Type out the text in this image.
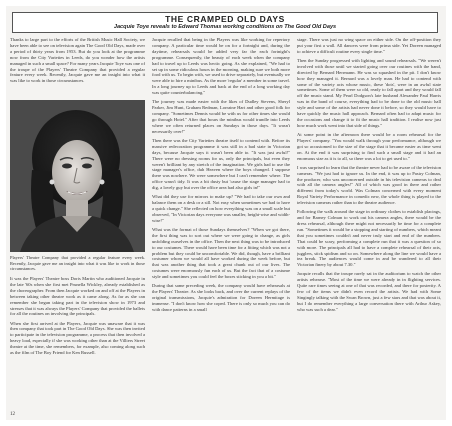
THE CRAMPED OLD DAYS
Jacquie Toye reveals to Edward Thomas working conditions on The Good Old Days

Thanks to large part to the efforts of the British Music Hall Society, we have been able to see on television again The Good Old Days, made over a period of thirty years from 1953. But do you look at the programme now from the City Varieties in Leeds, do you wonder how the artists managed in such a small space? For many years Jacquie Toye was one of the troupe of the Players' Theatre Company that provided a regular feature every week. Recently, Jacquie gave me an insight into what it was like to work in those circumstances.

Players' Theatre Company that provided a regular feature every week. Recently, Jacquie gave me an insight into what it was like to work in those circumstances.

It was the Players' Theatre boss Doris Martin who auditioned Jacquie in the late '60s when she first met Prunella Wickley, already established as the choreographer. From then Jacquie worked on and off at the Players in between taking other theatre work as it came along. As far as she can remember she began taking part in the television show in 1973 and stresses that it was always the Players' Company that provided the ballets for all the routines on involving the principals.

When she first arrived at the Players, Jacquie was unaware that it was then company that took part in The Good Old Days. She was then invited to participate in the television programme, a process that then involved a heavy load, especially if she was working other than at the Villiers Street theatre at the time, she remembers, for example, also coming along such as the film of The Boy Friend for Ken Russell.

Jacquie recalled that being in the Players was like working for repertory company. A particular time would be on for a fortnight and, during the daytime, rehearsals would be added very far the each fortnight's programme. Consequently, the beauty of each week when the company had to travel up to Leeds was hectic going. As she explained, "We had to set up in some ridiculous hours in the morning, making sure we both more food with us. To begin with, we used to drive separately, but eventually we were able to hire a minibus. As the more 'regular' a member in some travel. In a long journey up to Leeds and back at the end of a long working day was quite counterbalancing."

The journey was made easier with the likes of Dudley Stevens, Sheryl Parker, Jim Hunt, Graham Redman, Lorraine Hart and other good folk for company. "Sometimes Dennis would be with us for other times she would go through Hotel." After that hours the minibus would trundle into Leeds where we often returned places on Sundays in those days. "It wasn't necessarily over!"

Then there was the City Varieties theatre itself to contend with. Before its massive redecoration programme it was still in a bad state in Victorian days, because Jacquie says it wasn't been able to. "It was just awful!" There were no dressing rooms for us, only the principals, but even they weren't brilliant by any stretch of the imagination. We girls had to use the stage manager's office, duh Heaven where the boys changed. I suppose there was nowhere. We were somewhere but I can't remember where. The office wasn't tidy. It was a bit dusty but 'cause the stage manager had to dig, a lovely guy but over the office area had also girls in!"

What did they use for mirrors to make up? "We had to take our own and balance them on a desk or a sill. Not easy when sometimes we had to have a quick change." She reflected on how everything was on a small scale but observed, "In Victorian days everyone was smaller, height-wise and width-wise!"

What was the format of those Sundays themselves? "When we got there, the first thing was to sort out where we were going to change, as girls unfolding ourselves in the office. Then the next thing was to be introduced to our costumes. There would have been time for a fitting which was not a problem but they could be uncomfortable. We did, though, have a brilliant costumer whom we would all have worked during the week before, but that was another thing that took a great chunk out of our lives. The costumes were enormously fun each of us. But the fact that of a costume style and sometimes you could feel the boxes sticking in you a bit."

During that same preceding week, the company would have rehearsals at the Players' Theatre. As she looks back, and over the current replays of the original transmissions, Jacquie's admiration for Doreen Hermitage is immense. "I don't know how she coped. There is only so much you can do with dance patterns in a small

stage. There was just no wing space on either side. On the off-position they put your first a wall. All dancers were from prima side. Yet Doreen managed to achieve a difficult routine every single time."

Then the Sunday progressed with lighting and sound rehearsals. "We weren't involved with those until we started going over our routines with the band, directed by Bernard Herrmann. He was so squashed in the pit. I don't know how they managed it. Bernard was a lovely man. He had to contend with some of the variety acts whose music, these 'dots', were in an awful state sometimes. Some of them were so old, ready to fall apart and they would fall off the music stand. My Pearl Dodgson's late husband Alexander Paul Harris was in the band of course, everything had to be done to the old music hall style and some of the artists had never done it before, so they would have to have quickly the music hall approach. Bernard often had to adapt music for the occasions and change it to fit the music hall tradition. I realise now just how much work went into that side of things."

At some point in the afternoon there would be a room rehearsal for the Players' company. "You would walk through your performance, although we got so accustomed to the size of the stage that it became easier as time went on. At the end it was surprising to find such a small stage and it had an enormous size as it is to all, so there was a lot to get used to."

I was surprised to learn that the theatre never had to be aware of the television cameras. "We just had to ignore us. In the end, it was up to Pastry Colman, the producer, who was unconcerned outside in his television cameras to deal with all the camera angles!" All of which was good in there and rather different from today's world. Was Colman concerned with every moment Royal Variety Performance in comedic new, the whole thing is played to the television cameras rather than to the theatre audience.

Following the walk around the stage in ordinary clothes to establish placings, and for Barney Colman to work out his camera angles, there would be the dress rehearsal, although there might not necessarily be time for a complete run. "Sometimes it would be a stopping and starting of numbers, which meant that you sometimes couldn't and never truly start and end of the numbers. That could be scary, performing a complete run that it was a question of so with more. The principals all had to have a complete rehearsal of their acts, jugglers, stick spidism and so on. Somewhere along the line we would have a tea break. The audiences would come in and be wandered to all their Victorian finery by about 7.30."

Jacquie recalls that the troupe rarely sat in the auditorium to watch the other artists rehearse. "Most of the time we were already in in flighting services. Quite rare times seeing at one of that was recorded, and there for posterity. A few of the items we didn't even record the artists. We had with Some Singingly talking with the Swan Brown, just a few stars and that was about it, but I do remember everything a large conversation there with Arthur Askey, who was such a dear."

12
